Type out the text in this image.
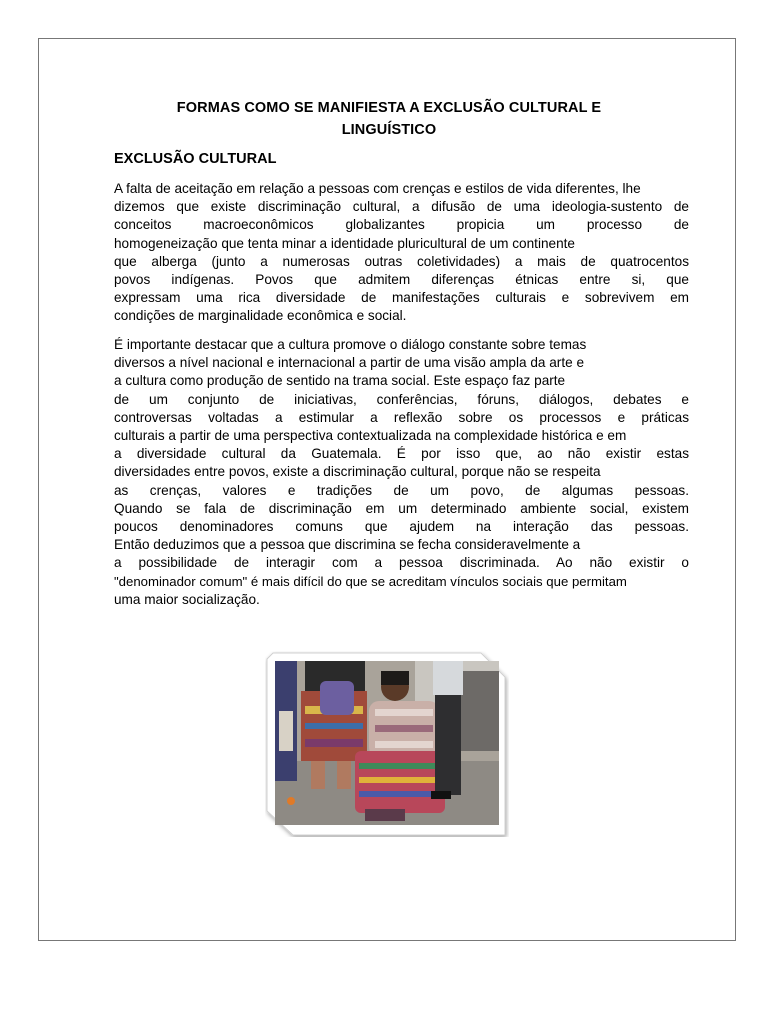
FORMAS COMO SE MANIFIESTA A EXCLUSÃO CULTURAL E
LINGUÍSTICO
EXCLUSÃO CULTURAL

A falta de aceitação em relação a pessoas com crenças e estilos de vida diferentes, lhe
dizemos que existe discriminação cultural, a difusão de uma ideologia-sustento de
conceitos macroeconômicos globalizantes propicia um processo de
homogeneização que tenta minar a identidade pluricultural de um continente
que alberga (junto a numerosas outras coletividades) a mais de quatrocentos
povos indígenas. Povos que admitem diferenças étnicas entre si, que
expressam uma rica diversidade de manifestações culturais e sobrevivem em
condições de marginalidade econômica e social.

É importante destacar que a cultura promove o diálogo constante sobre temas
diversos a nível nacional e internacional a partir de uma visão ampla da arte e
a cultura como produção de sentido na trama social. Este espaço faz parte
de um conjunto de iniciativas, conferências, fóruns, diálogos, debates e
controversas voltadas a estimular a reflexão sobre os processos e práticas
culturais a partir de uma perspectiva contextualizada na complexidade histórica e em
a diversidade cultural da Guatemala. É por isso que, ao não existir estas
diversidades entre povos, existe a discriminação cultural, porque não se respeita
as crenças, valores e tradições de um povo, de algumas pessoas.
Quando se fala de discriminação em um determinado ambiente social, existem
poucos denominadores comuns que ajudem na interação das pessoas.
Então deduzimos que a pessoa que discrimina se fecha consideravelmente a
a possibilidade de interagir com a pessoa discriminada. Ao não existir o
"denominador comum" é mais difícil do que se acreditam vínculos sociais que permitam
uma maior socialização.
